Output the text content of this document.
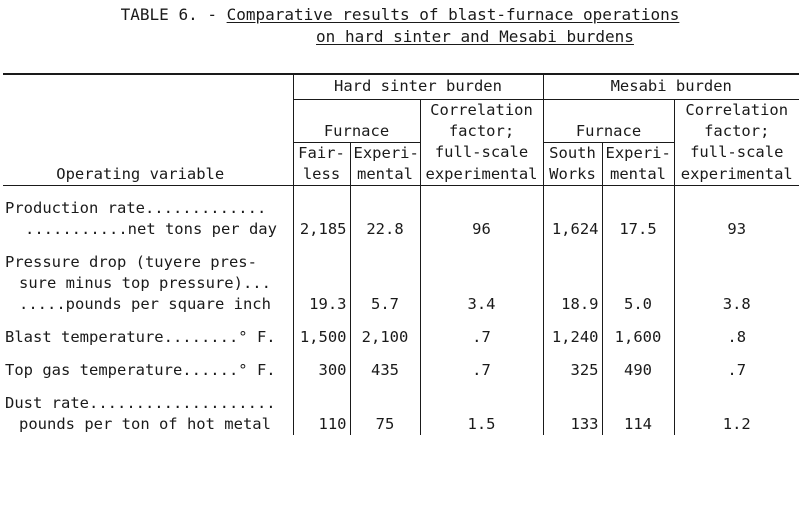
TABLE 6. - Comparative results of blast-furnace operations
on hard sinter and Mesabi burdens

	Hard sinter burden			Mesabi burden		
			Correlation			Correlation
	Furnace		factor;	Furnace		factor;
	Fair-	Experi-	full-scale	South	Experi-	full-scale
Operating variable	less	mental	experimental	Works	mental	experimental

Production rate.............						
...........net tons per day	2,185	22.8	96	1,624	17.5	93

Pressure drop (tuyere pres-						
sure minus top pressure)...						
.....pounds per square inch	19.3	5.7	3.4	18.9	5.0	3.8

Blast temperature........° F.	1,500	2,100	.7	1,240	1,600	.8

Top gas temperature......° F.	300	435	.7	325	490	.7

Dust rate....................						
pounds per ton of hot metal	110	75	1.5	133	114	1.2
